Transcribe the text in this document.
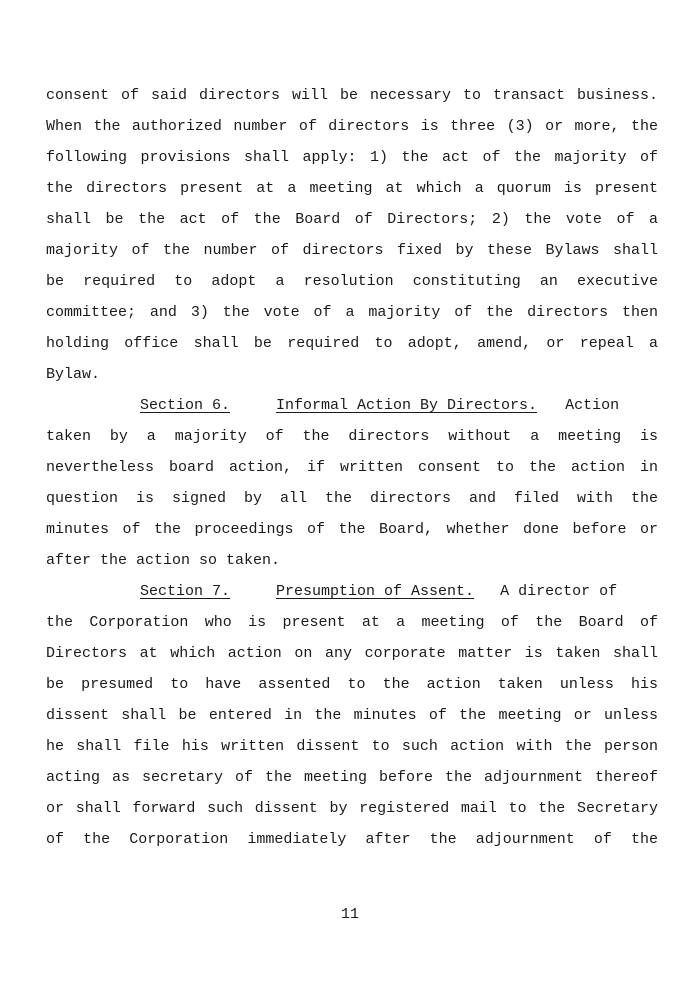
consent of said directors will be necessary to transact business.
When the authorized number of directors is three (3) or more, the
following provisions shall apply: 1) the act of the majority of
the directors present at a meeting at which a quorum is present
shall be the act of the Board of Directors; 2) the vote of a
majority of the number of directors fixed by these Bylaws shall
be required to adopt a resolution constituting an executive
committee; and 3) the vote of a majority of the directors then
holding office shall be required to adopt, amend, or repeal a
Bylaw.
Section 6.	Informal Action By Directors. Action
taken by a majority of the directors without a meeting is
nevertheless board action, if written consent to the action in
question is signed by all the directors and filed with the
minutes of the proceedings of the Board, whether done before or
after the action so taken.
Section 7.	Presumption of Assent. A director of
the Corporation who is present at a meeting of the Board of
Directors at which action on any corporate matter is taken shall
be presumed to have assented to the action taken unless his
dissent shall be entered in the minutes of the meeting or unless
he shall file his written dissent to such action with the person
acting as secretary of the meeting before the adjournment thereof
or shall forward such dissent by registered mail to the Secretary
of the Corporation immediately after the adjournment of the
11
